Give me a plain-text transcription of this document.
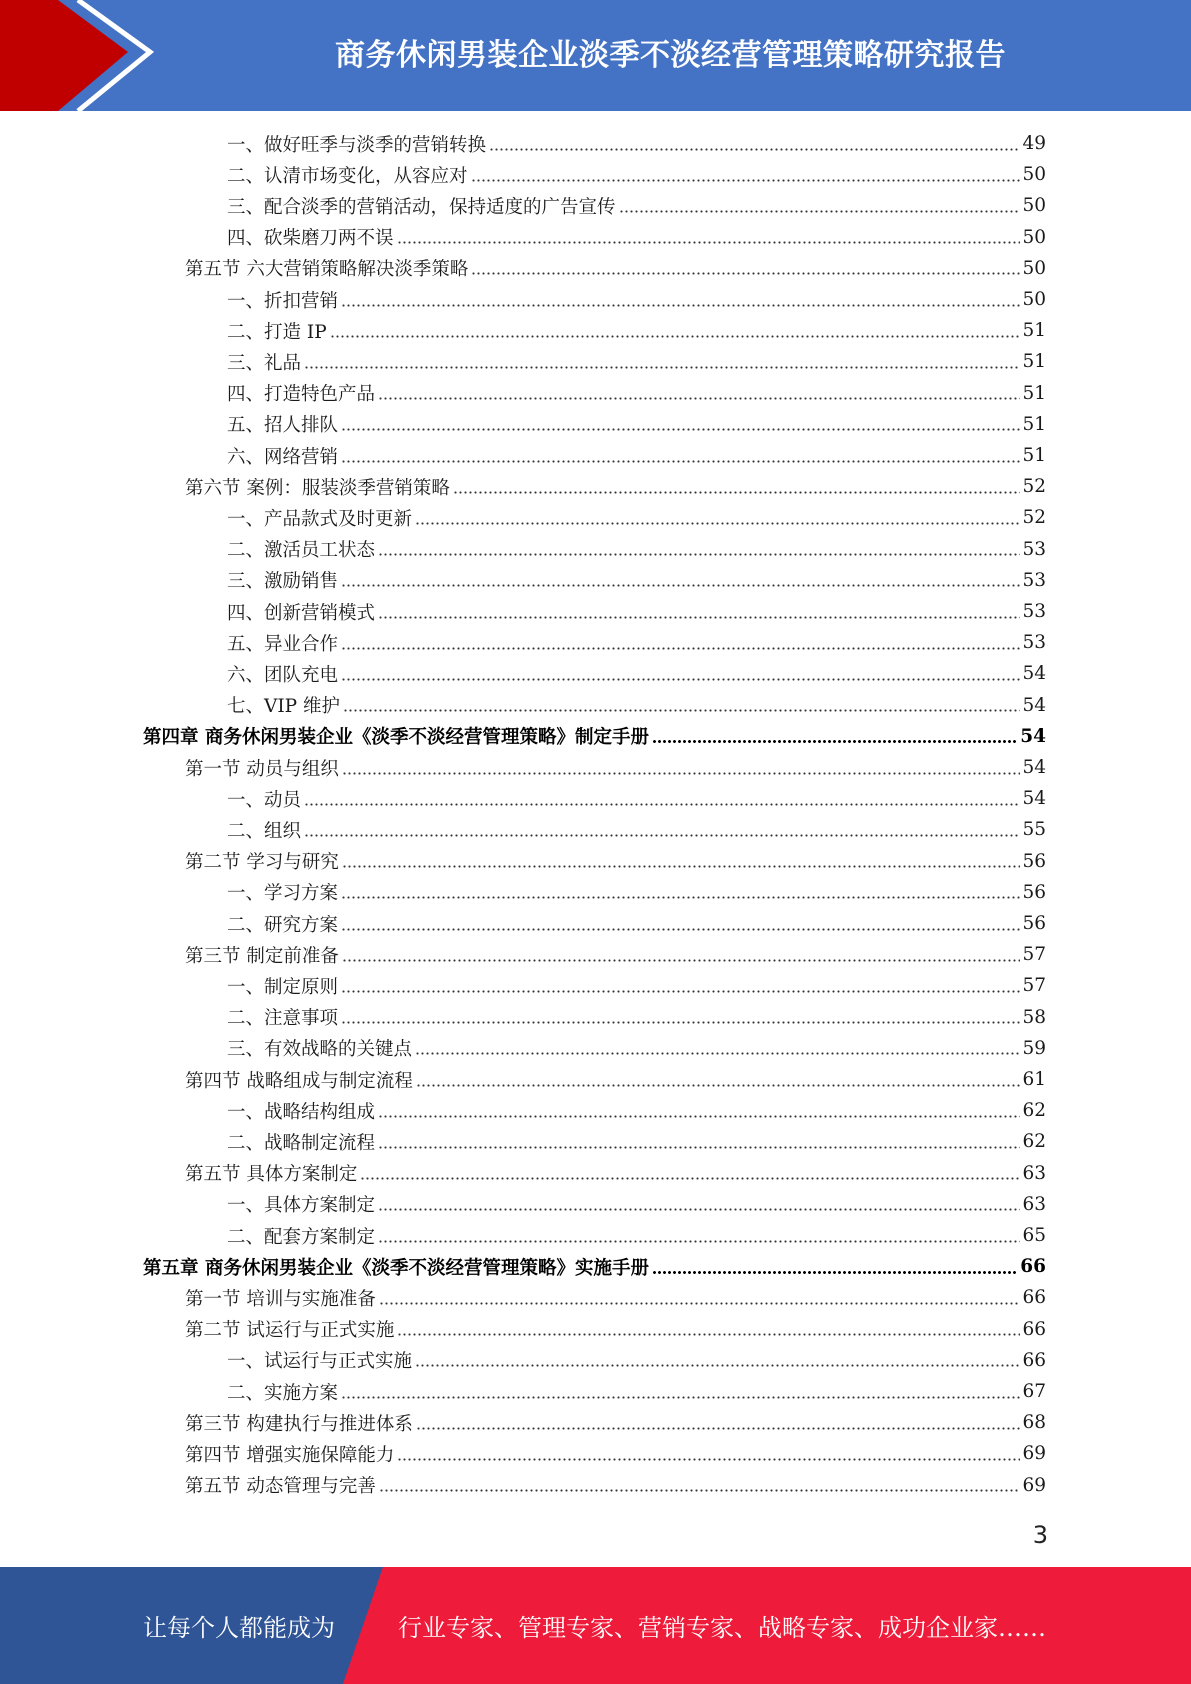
商务休闲男装企业淡季不淡经营管理策略研究报告
一、做好旺季与淡季的营销转换	49
二、认清市场变化，从容应对	50
三、配合淡季的营销活动，保持适度的广告宣传	50
四、砍柴磨刀两不误	50
第五节 六大营销策略解决淡季策略	50
一、折扣营销	50
二、打造 IP	51
三、礼品	51
四、打造特色产品	51
五、招人排队	51
六、网络营销	51
第六节 案例：服装淡季营销策略	52
一、产品款式及时更新	52
二、激活员工状态	53
三、激励销售	53
四、创新营销模式	53
五、异业合作	53
六、团队充电	54
七、VIP 维护	54
第四章 商务休闲男装企业《淡季不淡经营管理策略》制定手册	54
第一节 动员与组织	54
一、动员	54
二、组织	55
第二节 学习与研究	56
一、学习方案	56
二、研究方案	56
第三节 制定前准备	57
一、制定原则	57
二、注意事项	58
三、有效战略的关键点	59
第四节 战略组成与制定流程	61
一、战略结构组成	62
二、战略制定流程	62
第五节 具体方案制定	63
一、具体方案制定	63
二、配套方案制定	65
第五章 商务休闲男装企业《淡季不淡经营管理策略》实施手册	66
第一节 培训与实施准备	66
第二节 试运行与正式实施	66
一、试运行与正式实施	66
二、实施方案	67
第三节 构建执行与推进体系	68
第四节 增强实施保障能力	69
第五节 动态管理与完善	69
3
让每个人都能成为	行业专家、管理专家、营销专家、战略专家、成功企业家……
